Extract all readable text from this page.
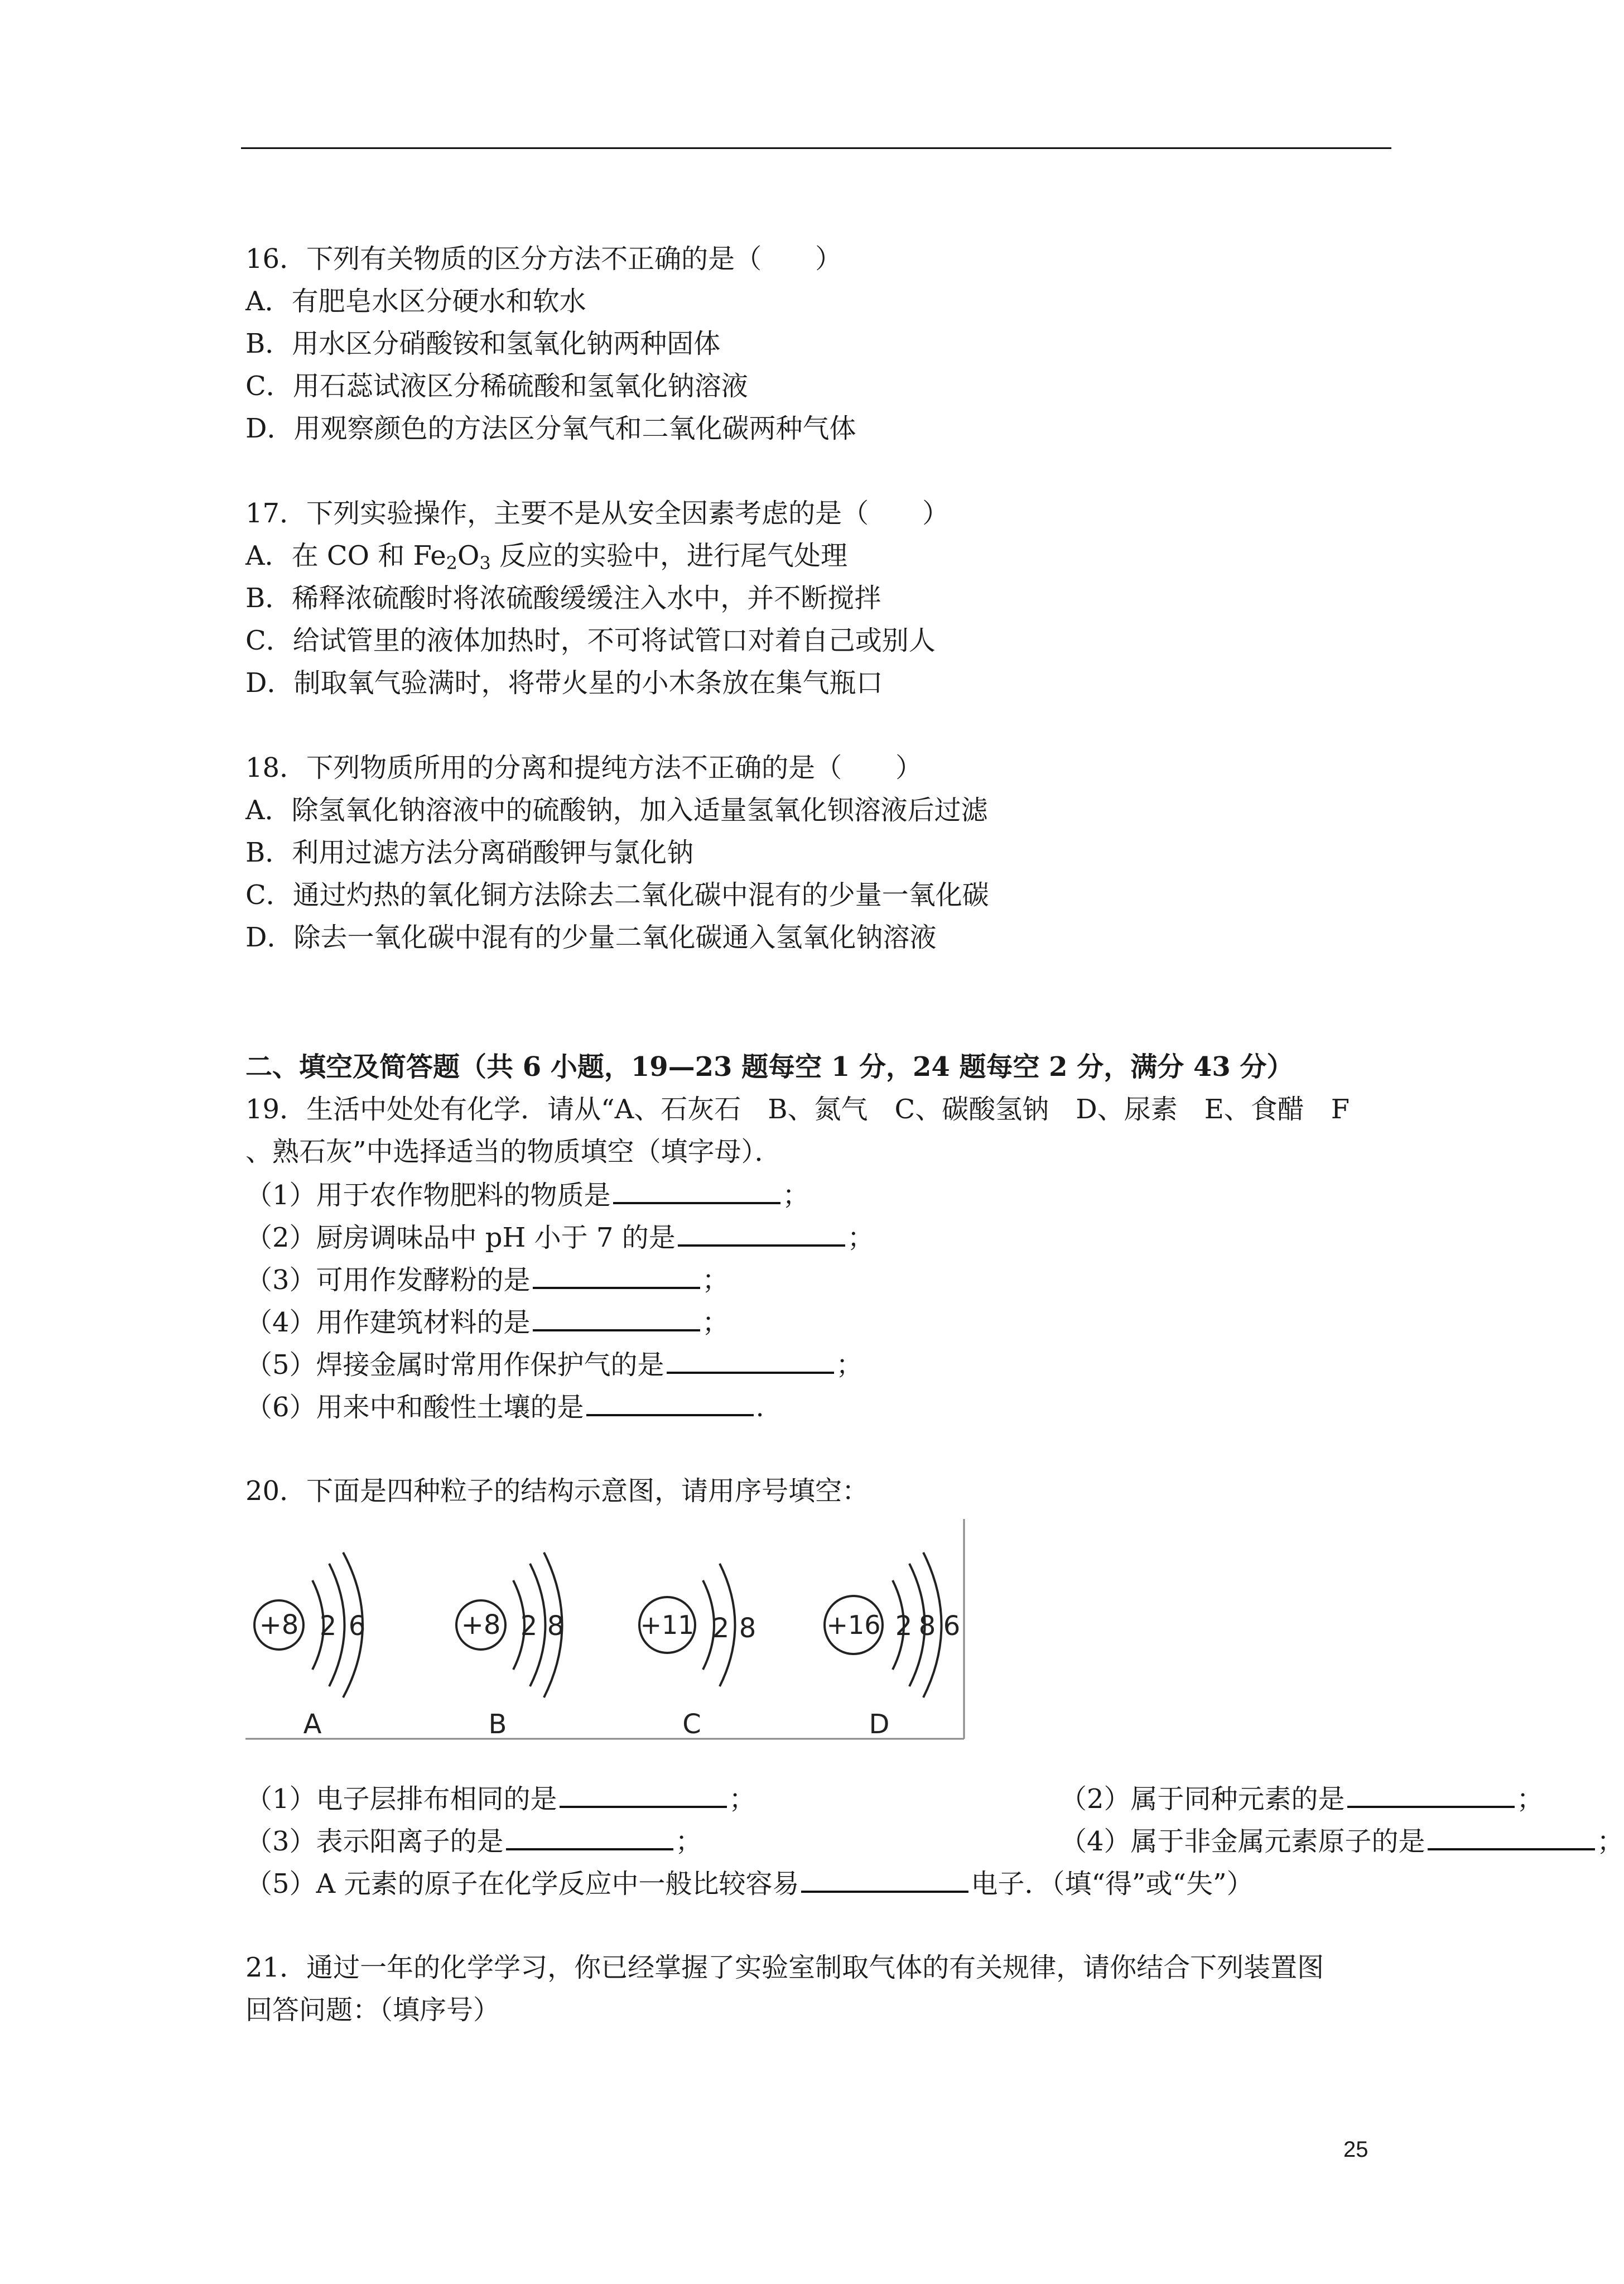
16．下列有关物质的区分方法不正确的是（　　）
A．有肥皂水区分硬水和软水
B．用水区分硝酸铵和氢氧化钠两种固体
C．用石蕊试液区分稀硫酸和氢氧化钠溶液
D．用观察颜色的方法区分氧气和二氧化碳两种气体
17．下列实验操作，主要不是从安全因素考虑的是（　　）
A．在 CO 和 $Fe_2O_3$ 反应的实验中，进行尾气处理
B．稀释浓硫酸时将浓硫酸缓缓注入水中，并不断搅拌
C．给试管里的液体加热时，不可将试管口对着自己或别人
D．制取氧气验满时，将带火星的小木条放在集气瓶口
18．下列物质所用的分离和提纯方法不正确的是（　　）
A．除氢氧化钠溶液中的硫酸钠，加入适量氢氧化钡溶液后过滤
B．利用过滤方法分离硝酸钾与氯化钠
C．通过灼热的氧化铜方法除去二氧化碳中混有的少量一氧化碳
D．除去一氧化碳中混有的少量二氧化碳通入氢氧化钠溶液
二、填空及简答题（共 6 小题，19—23 题每空 1 分，24 题每空 2 分，满分 43 分）
19．生活中处处有化学．请从“A、石灰石　B、氮气　C、碳酸氢钠　D、尿素　E、食醋　F
、熟石灰”中选择适当的物质填空（填字母）．
（1）用于农作物肥料的物质是	；
（2）厨房调味品中 pH 小于 7 的是	；
（3）可用作发酵粉的是	；
（4）用作建筑材料的是	；
（5）焊接金属时常用作保护气的是	；
（6）用来中和酸性土壤的是	.
20．下面是四种粒子的结构示意图，请用序号填空：
+8 2 6
A
+8 2 8
B
+11 2 8
C
+16 2 8 6
D
（1）电子层排布相同的是	；	（2）属于同种元素的是	；
（3）表示阳离子的是	；	（4）属于非金属元素原子的是	；
（5）A 元素的原子在化学反应中一般比较容易	电子．（填“得”或“失”）
21．通过一年的化学学习，你已经掌握了实验室制取气体的有关规律，请你结合下列装置图
回答问题：（填序号）
25
